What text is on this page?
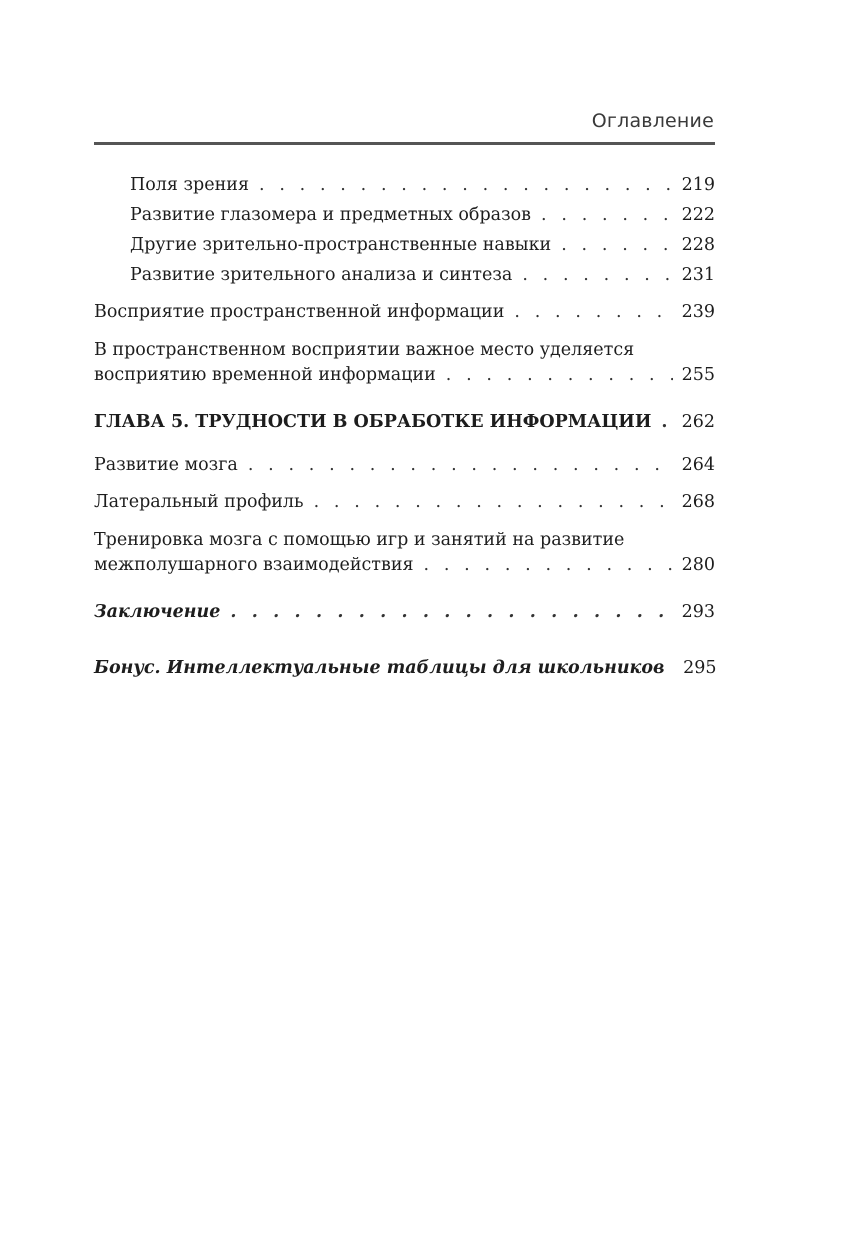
Оглавление
Поля зрения . . .	219
Развитие глазомера и предметных образов . . .	222
Другие зрительно-пространственные навыки . . .	228
Развитие зрительного анализа и синтеза . . .	231
Восприятие пространственной информации . . .	239
В пространственном восприятии важное место уделяется
восприятию временной информации . . .	255
ГЛАВА 5. ТРУДНОСТИ В ОБРАБОТКЕ ИНФОРМАЦИИ . . . 262
Развитие мозга . . .	264
Латеральный профиль . . .	268
Тренировка мозга с помощью игр и занятий на развитие
межполушарного взаимодействия . . .	280
Заключение . . .	293
Бонус. Интеллектуальные таблицы для школьников 295
